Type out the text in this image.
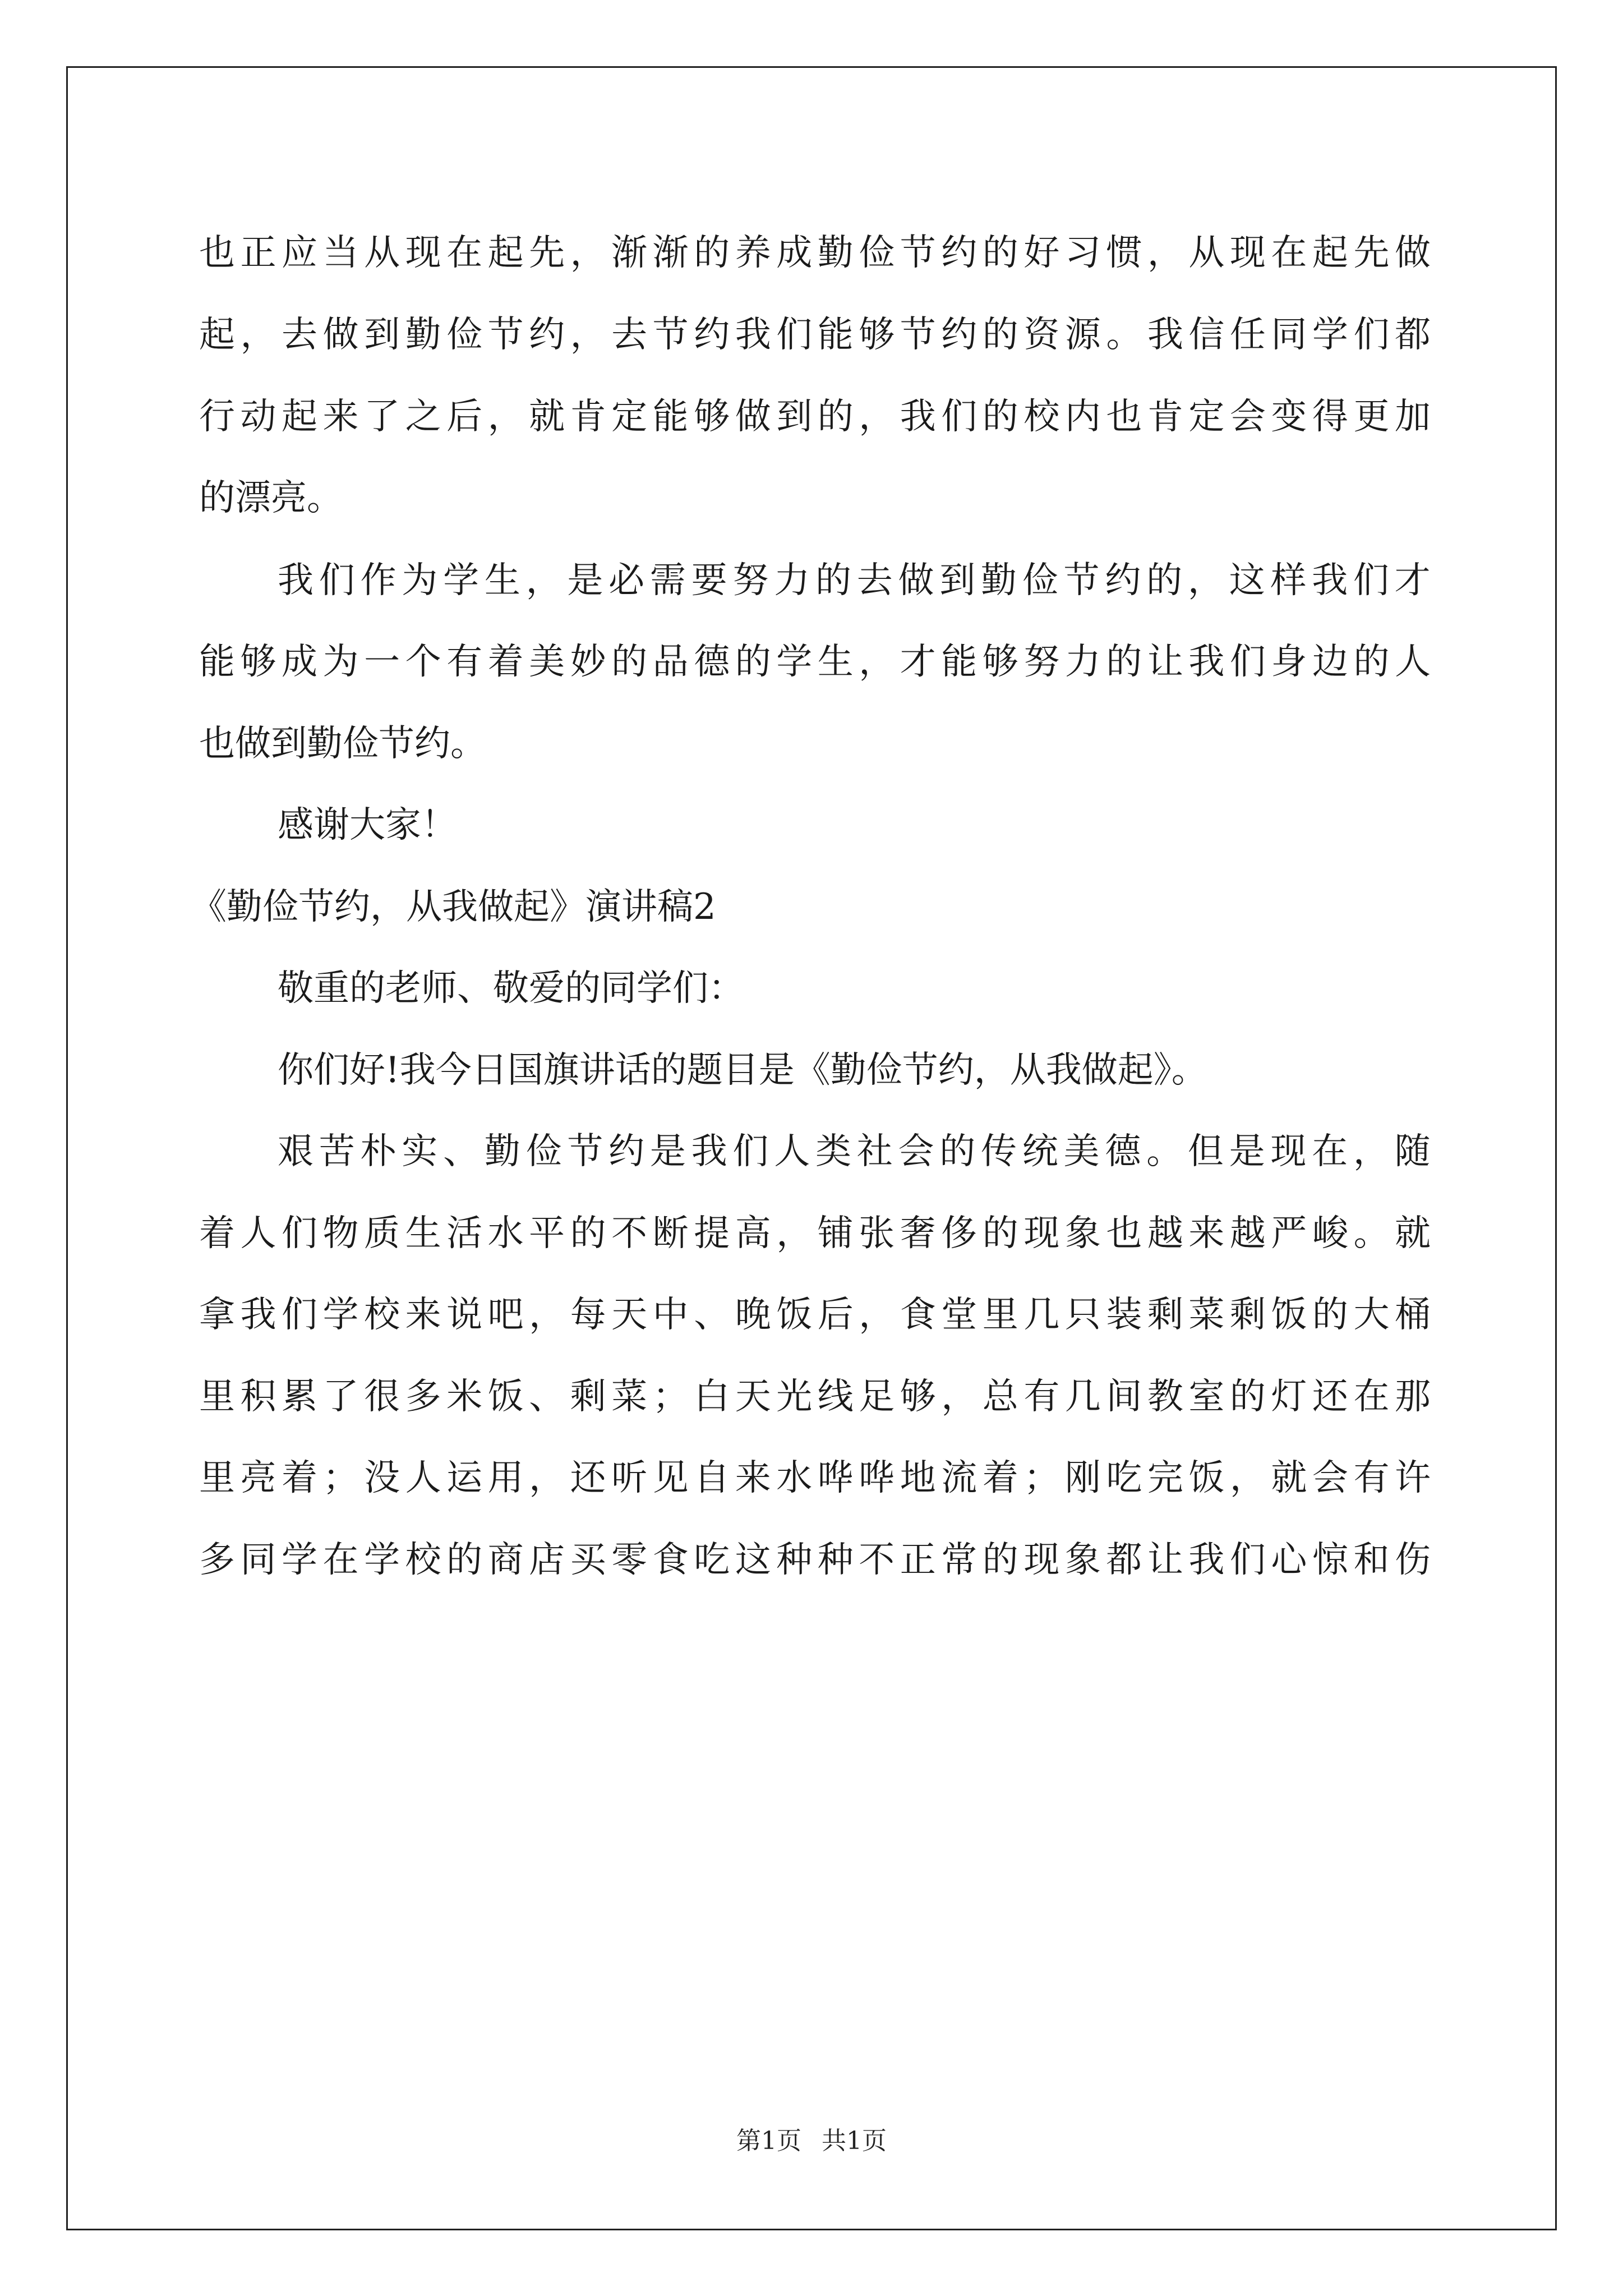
也 正 应 当 从 现 在 起 先 ， 渐 渐 的 养 成 勤 俭 节 约 的 好 习 惯 ， 从 现 在 起 先 做
起 ， 去 做 到 勤 俭 节 约 ， 去 节 约 我 们 能 够 节 约 的 资 源 。 我 信 任 同 学 们 都
行 动 起 来 了 之 后 ， 就 肯 定 能 够 做 到 的 ， 我 们 的 校 内 也 肯 定 会 变 得 更 加
的漂亮。
我 们 作 为 学 生 ， 是 必 需 要 努 力 的 去 做 到 勤 俭 节 约 的 ， 这 样 我 们 才
能 够 成 为 一 个 有 着 美 妙 的 品 德 的 学 生 ， 才 能 够 努 力 的 让 我 们 身 边 的 人
也做到勤俭节约。
感谢大家！
《勤俭节约，从我做起》演讲稿2
敬重的老师、敬爱的同学们：
你们好!我今日国旗讲话的题目是《勤俭节约，从我做起》。
艰 苦 朴 实 、 勤 俭 节 约 是 我 们 人 类 社 会 的 传 统 美 德 。 但 是 现 在 ， 随
着 人 们 物 质 生 活 水 平 的 不 断 提 高 ， 铺 张 奢 侈 的 现 象 也 越 来 越 严 峻 。 就
拿 我 们 学 校 来 说 吧 ， 每 天 中 、 晚 饭 后 ， 食 堂 里 几 只 装 剩 菜 剩 饭 的 大 桶
里 积 累 了 很 多 米 饭 、 剩 菜 ； 白 天 光 线 足 够 ， 总 有 几 间 教 室 的 灯 还 在 那
里 亮 着 ； 没 人 运 用 ， 还 听 见 自 来 水 哗 哗 地 流 着 ； 刚 吃 完 饭 ， 就 会 有 许
多 同 学 在 学 校 的 商 店 买 零 食 吃 这 种 种 不 正 常 的 现 象 都 让 我 们 心 惊 和 伤
第1页 共1页
